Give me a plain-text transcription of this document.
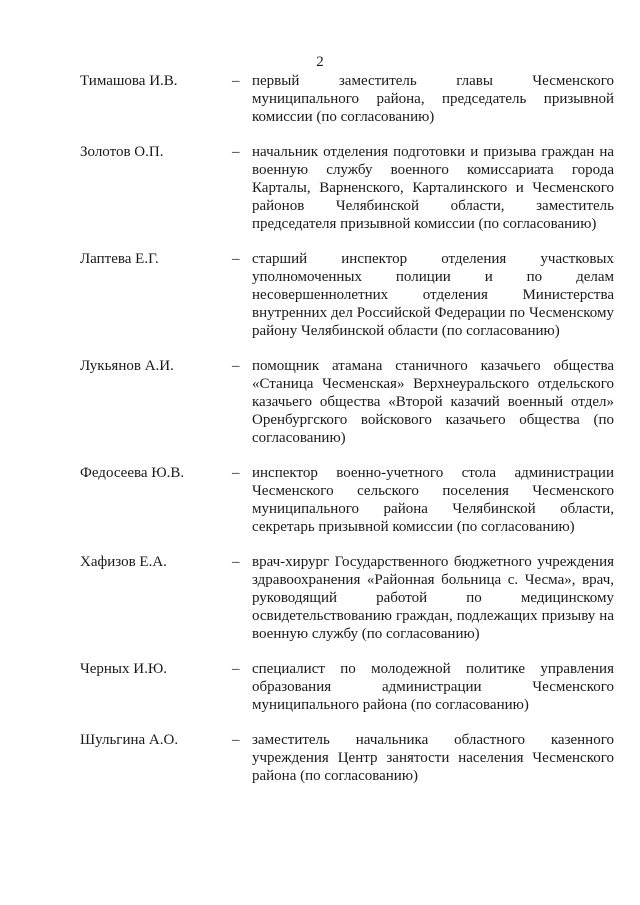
2
Тимашова И.В.	– первый заместитель главы Чесменского муниципального района, председатель призывной комиссии (по согласованию)
Золотов О.П.	– начальник отделения подготовки и призыва граждан на военную службу военного комиссариата города Карталы, Варненского, Карталинского и Чесменского районов Челябинской области, заместитель председателя призывной комиссии (по согласованию)
Лаптева Е.Г.	– старший инспектор отделения участковых уполномоченных полиции и по делам несовершеннолетних отделения Министерства внутренних дел Российской Федерации по Чесменскому району Челябинской области (по согласованию)
Лукьянов А.И.	– помощник атамана станичного казачьего общества «Станица Чесменская» Верхнеуральского отдельского казачьего общества «Второй казачий военный отдел» Оренбургского войскового казачьего общества (по согласованию)
Федосеева Ю.В.	– инспектор военно-учетного стола администрации Чесменского сельского поселения Чесменского муниципального района Челябинской области, секретарь призывной комиссии (по согласованию)
Хафизов Е.А.	– врач-хирург Государственного бюджетного учреждения здравоохранения «Районная больница с. Чесма», врач, руководящий работой по медицинскому освидетельствованию граждан, подлежащих призыву на военную службу (по согласованию)
Черных И.Ю.	– специалист по молодежной политике управления образования администрации Чесменского муниципального района (по согласованию)
Шульгина А.О.	– заместитель начальника областного казенного учреждения Центр занятости населения Чесменского района (по согласованию)
